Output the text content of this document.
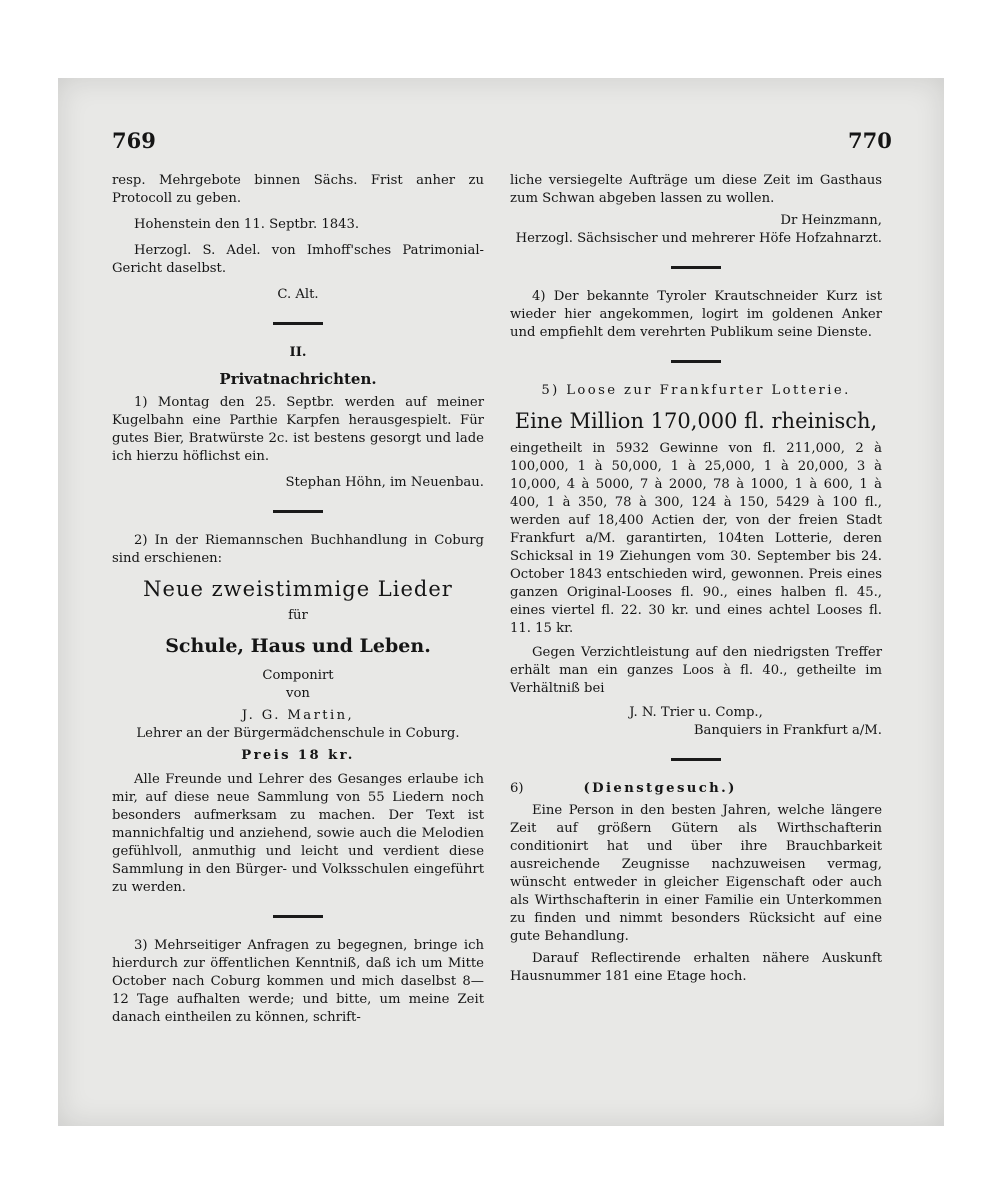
769	770

resp. Mehrgebote binnen Sächs. Frist anher zu Protocoll zu geben.

Hohenstein den 11. Septbr. 1843.

Herzogl. S. Adel. von Imhoff'sches Patrimonial-Gericht daselbst.

C. Alt.

II.

Privatnachrichten.

1) Montag den 25. Septbr. werden auf meiner Kugelbahn eine Parthie Karpfen herausgespielt. Für gutes Bier, Bratwürste 2c. ist bestens gesorgt und lade ich hierzu höflichst ein.

Stephan Höhn, im Neuenbau.

2) In der Riemannschen Buchhandlung in Coburg sind erschienen:

Neue zweistimmige Lieder

für

Schule, Haus und Leben.

Componirt

von

J. G. Martin,

Lehrer an der Bürgermädchenschule in Coburg.

Preis 18 kr.

Alle Freunde und Lehrer des Gesanges erlaube ich mir, auf diese neue Sammlung von 55 Liedern noch besonders aufmerksam zu machen. Der Text ist mannichfaltig und anziehend, sowie auch die Melodien gefühlvoll, anmuthig und leicht und verdient diese Sammlung in den Bürger- und Volksschulen eingeführt zu werden.

3) Mehrseitiger Anfragen zu begegnen, bringe ich hierdurch zur öffentlichen Kenntniß, daß ich um Mitte October nach Coburg kommen und mich daselbst 8—12 Tage aufhalten werde; und bitte, um meine Zeit danach eintheilen zu können, schrift-

liche versiegelte Aufträge um diese Zeit im Gasthaus zum Schwan abgeben lassen zu wollen.

Dr Heinzmann,

Herzogl. Sächsischer und mehrerer Höfe Hofzahnarzt.

4) Der bekannte Tyroler Krautschneider Kurz ist wieder hier angekommen, logirt im goldenen Anker und empfiehlt dem verehrten Publikum seine Dienste.

5) Loose zur Frankfurter Lotterie.

Eine Million 170,000 fl. rheinisch,

eingetheilt in 5932 Gewinne von fl. 211,000, 2 à 100,000, 1 à 50,000, 1 à 25,000, 1 à 20,000, 3 à 10,000, 4 à 5000, 7 à 2000, 78 à 1000, 1 à 600, 1 à 400, 1 à 350, 78 à 300, 124 à 150, 5429 à 100 fl., werden auf 18,400 Actien der, von der freien Stadt Frankfurt a/M. garantirten, 104ten Lotterie, deren Schicksal in 19 Ziehungen vom 30. September bis 24. October 1843 entschieden wird, gewonnen. Preis eines ganzen Original-Looses fl. 90., eines halben fl. 45., eines viertel fl. 22. 30 kr. und eines achtel Looses fl. 11. 15 kr.

Gegen Verzichtleistung auf den niedrigsten Treffer erhält man ein ganzes Loos à fl. 40., getheilte im Verhältniß bei

J. N. Trier u. Comp.,

Banquiers in Frankfurt a/M.

6)	(Dienstgesuch.)

Eine Person in den besten Jahren, welche längere Zeit auf größern Gütern als Wirthschafterin conditionirt hat und über ihre Brauchbarkeit ausreichende Zeugnisse nachzuweisen vermag, wünscht entweder in gleicher Eigenschaft oder auch als Wirthschafterin in einer Familie ein Unterkommen zu finden und nimmt besonders Rücksicht auf eine gute Behandlung.

Darauf Reflectirende erhalten nähere Auskunft Hausnummer 181 eine Etage hoch.
